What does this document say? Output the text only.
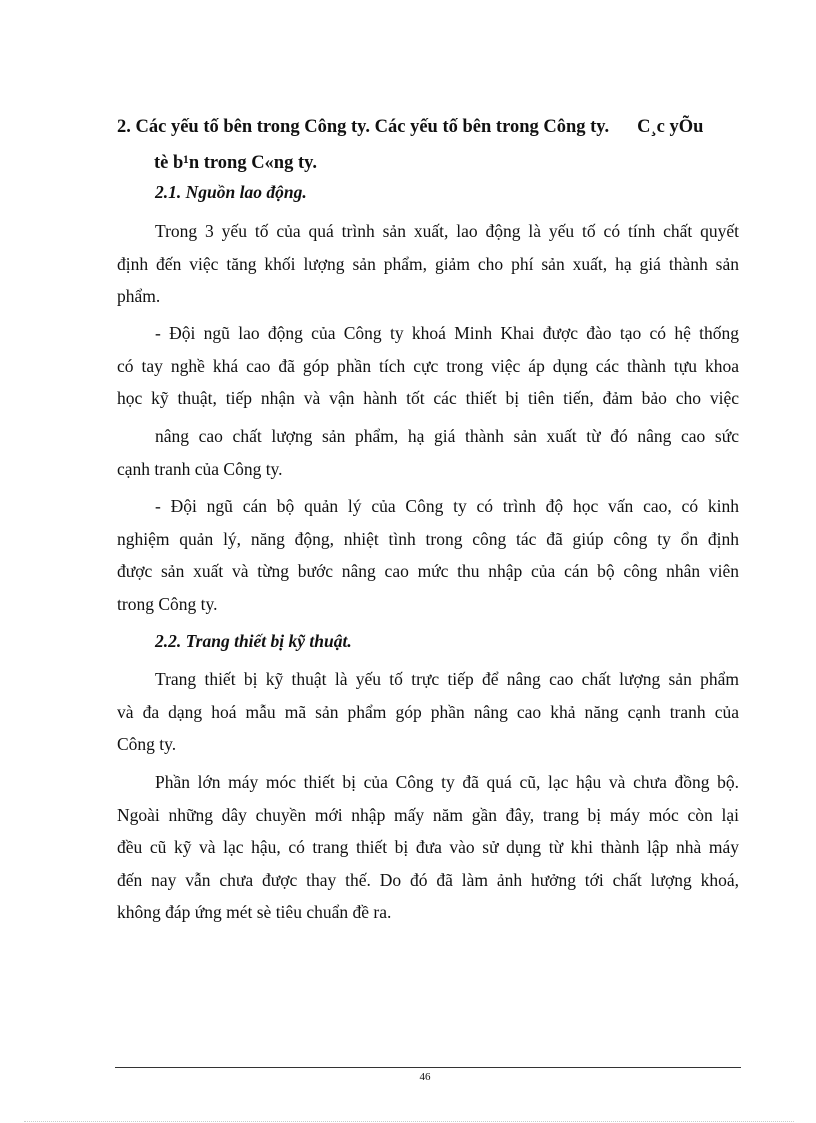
2. Các yếu tố bên trong Công ty. Các yếu tố bên trong Công ty. C¸c yÕu
tè b¹n trong C«ng ty.
2.1. Nguồn lao động.
Trong 3 yếu tố của quá trình sản xuất, lao động là yếu tố có tính chất quyết
định đến việc tăng khối lượng sản phẩm, giảm cho phí sản xuất, hạ giá thành sản
phẩm.
- Đội ngũ lao động của Công ty khoá Minh Khai được đào tạo có hệ thống
có tay nghề khá cao đã góp phần tích cực trong việc áp dụng các thành tựu khoa
học kỹ thuật, tiếp nhận và vận hành tốt các thiết bị tiên tiến, đảm bảo cho việc
nâng cao chất lượng sản phẩm, hạ giá thành sản xuất từ đó nâng cao sức
cạnh tranh của Công ty.
- Đội ngũ cán bộ quản lý của Công ty có trình độ học vấn cao, có kinh
nghiệm quản lý, năng động, nhiệt tình trong công tác đã giúp công ty ổn định
được sản xuất và từng bước nâng cao mức thu nhập của cán bộ công nhân viên
trong Công ty.
2.2. Trang thiết bị kỹ thuật.
Trang thiết bị kỹ thuật là yếu tố trực tiếp để nâng cao chất lượng sản phẩm
và đa dạng hoá mẫu mã sản phẩm góp phần nâng cao khả năng cạnh tranh của
Công ty.
Phần lớn máy móc thiết bị của Công ty đã quá cũ, lạc hậu và chưa đồng bộ.
Ngoài những dây chuyền mới nhập mấy năm gần đây, trang bị máy móc còn lại
đều cũ kỹ và lạc hậu, có trang thiết bị đưa vào sử dụng từ khi thành lập nhà máy
đến nay vẫn chưa được thay thế. Do đó đã làm ảnh hưởng tới chất lượng khoá,
không đáp ứng mét sè tiêu chuẩn đề ra.
46
